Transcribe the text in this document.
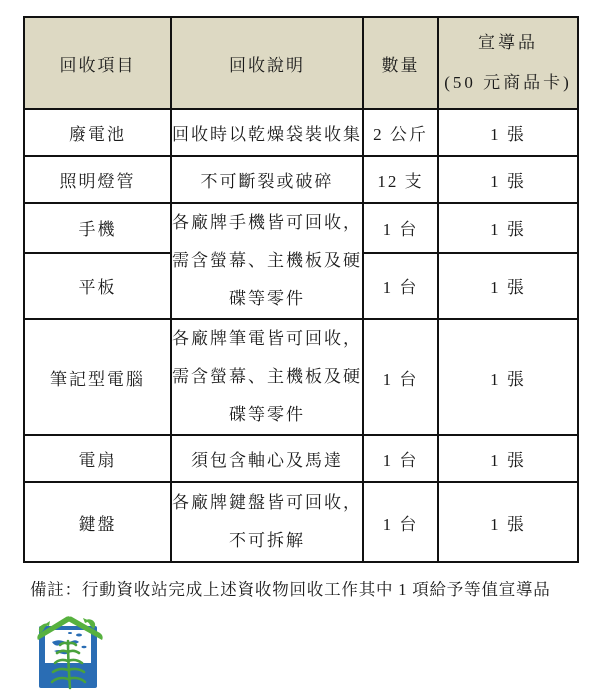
回收項目	回收說明	數量	宣導品
(50 元商品卡)

廢電池	回收時以乾燥袋裝收集	2 公斤	1 張
照明燈管	不可斷裂或破碎	12 支	1 張
手機	各廠牌手機皆可回收，
需含螢幕、主機板及硬
碟等零件	1 台	1 張
平板		1 台	1 張
筆記型電腦	各廠牌筆電皆可回收，
需含螢幕、主機板及硬
碟等零件	1 台	1 張
電扇	須包含軸心及馬達	1 台	1 張
鍵盤	各廠牌鍵盤皆可回收，
不可拆解	1 台	1 張
備註：行動資收站完成上述資收物回收工作其中 1 項給予等值宣導品
